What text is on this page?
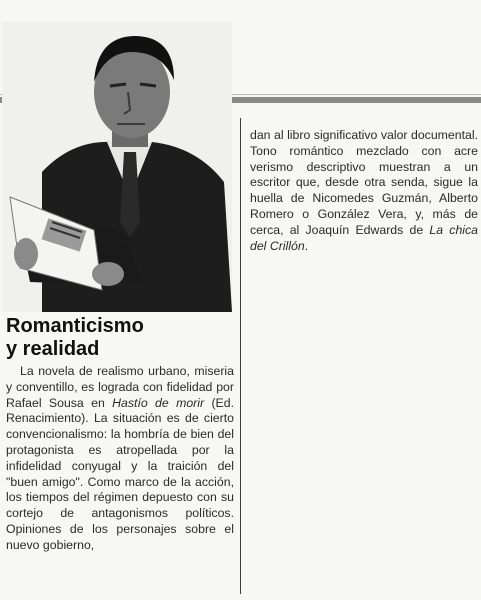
Romanticismo
y realidad

La novela de realismo urbano, miseria y conventillo, es lograda con fidelidad por Rafael Sousa en Hastío de morir (Ed. Renacimiento). La situación es de cierto convencionalismo: la hombría de bien del protagonista es atropellada por la infidelidad conyugal y la traición del "buen amigo". Como marco de la acción, los tiempos del régimen depuesto con su cortejo de antagonismos políticos. Opiniones de los personajes sobre el nuevo gobierno,

dan al libro significativo valor documental. Tono romántico mezclado con acre verismo descriptivo muestran a un escritor que, desde otra senda, sigue la huella de Nicomedes Guzmán, Alberto Romero o González Vera, y, más de cerca, al Joaquín Edwards de La chica del Crillón.
